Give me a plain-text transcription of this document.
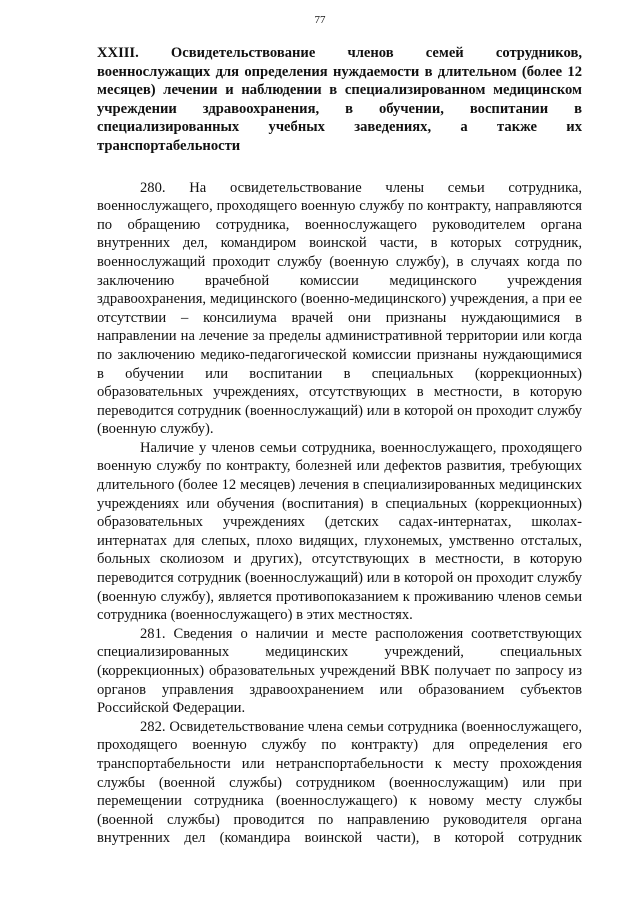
77

XXIII. Освидетельствование членов семей сотрудников, военнослужащих для определения нуждаемости в длительном (более 12 месяцев) лечении и наблюдении в специализированном медицинском учреждении здравоохранения, в обучении, воспитании в специализированных учебных заведениях, а также их транспортабельности

280. На освидетельствование члены семьи сотрудника, военнослужащего, проходящего военную службу по контракту, направляются по обращению сотрудника, военнослужащего руководителем органа внутренних дел, командиром воинской части, в которых сотрудник, военнослужащий проходит службу (военную службу), в случаях когда по заключению врачебной комиссии медицинского учреждения здравоохранения, медицинского (военно-медицинского) учреждения, а при ее отсутствии – консилиума врачей они признаны нуждающимися в направлении на лечение за пределы административной территории или когда по заключению медико-педагогической комиссии признаны нуждающимися в обучении или воспитании в специальных (коррекционных) образовательных учреждениях, отсутствующих в местности, в которую переводится сотрудник (военнослужащий) или в которой он проходит службу (военную службу).

Наличие у членов семьи сотрудника, военнослужащего, проходящего военную службу по контракту, болезней или дефектов развития, требующих длительного (более 12 месяцев) лечения в специализированных медицинских учреждениях или обучения (воспитания) в специальных (коррекционных) образовательных учреждениях (детских садах-интернатах, школах-интернатах для слепых, плохо видящих, глухонемых, умственно отсталых, больных сколиозом и других), отсутствующих в местности, в которую переводится сотрудник (военнослужащий) или в которой он проходит службу (военную службу), является противопоказанием к проживанию членов семьи сотрудника (военнослужащего) в этих местностях.

281. Сведения о наличии и месте расположения соответствующих специализированных медицинских учреждений, специальных (коррекционных) образовательных учреждений ВВК получает по запросу из органов управления здравоохранением или образованием субъектов Российской Федерации.

282. Освидетельствование члена семьи сотрудника (военнослужащего, проходящего военную службу по контракту) для определения его транспортабельности или нетранспортабельности к месту прохождения службы (военной службы) сотрудником (военнослужащим) или при перемещении сотрудника (военнослужащего) к новому месту службы (военной службы) проводится по направлению руководителя органа внутренних дел (командира воинской части), в которой сотрудник
